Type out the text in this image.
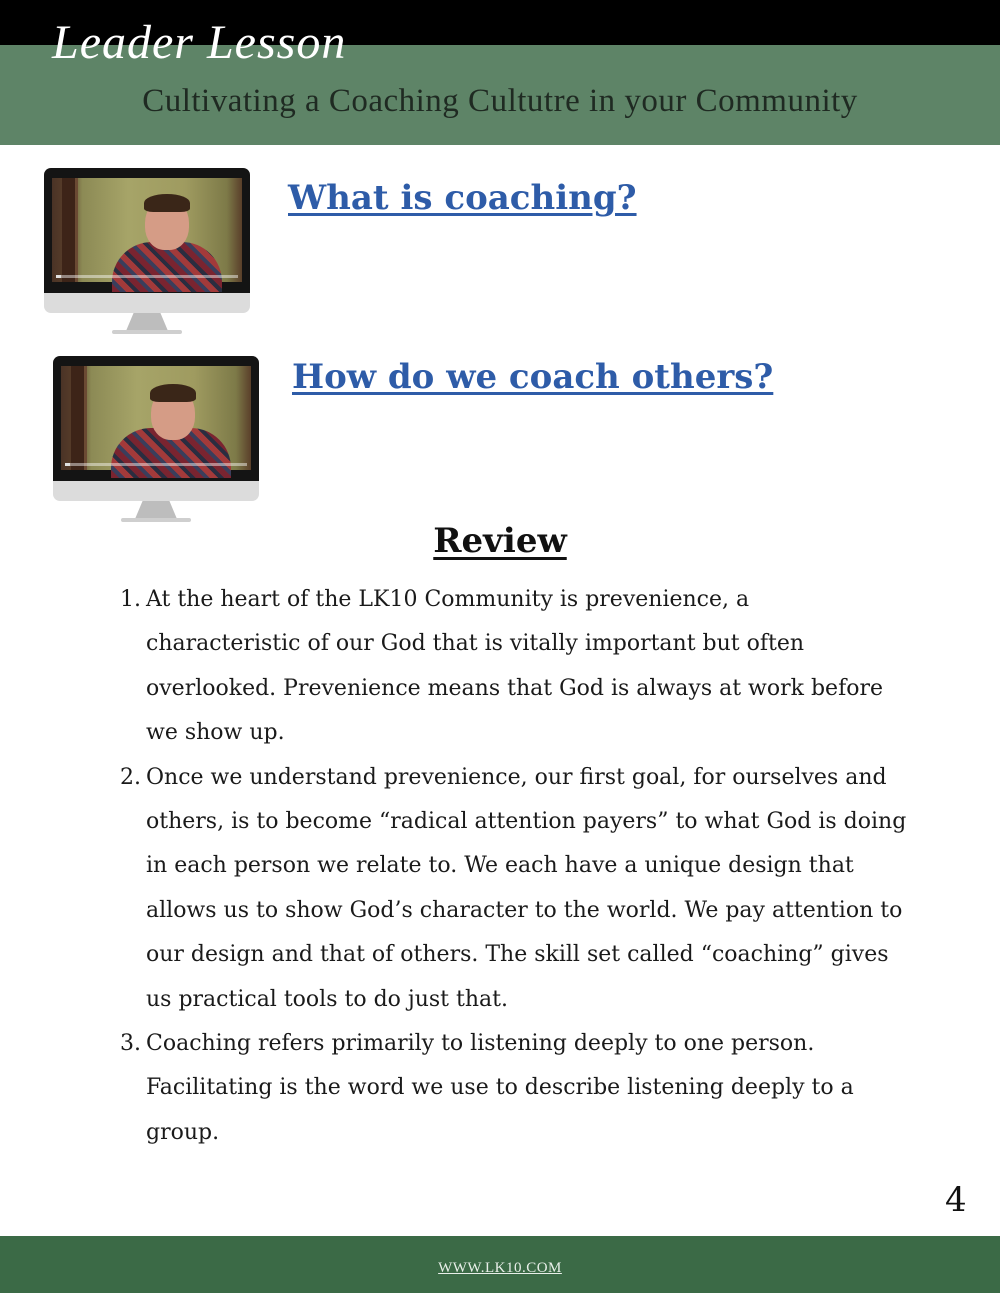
Leader Lesson
Cultivating a Coaching Cultutre in your Community
What is coaching?
How do we coach others?
Review
1. At the heart of the LK10 Community is prevenience, a characteristic of our God that is vitally important but often overlooked. Prevenience means that God is always at work before we show up.
2. Once we understand prevenience, our first goal, for ourselves and others, is to become “radical attention payers” to what God is doing in each person we relate to. We each have a unique design that allows us to show God’s character to the world. We pay attention to our design and that of others. The skill set called “coaching” gives us practical tools to do just that.
3. Coaching refers primarily to listening deeply to one person. Facilitating is the word we use to describe listening deeply to a group.
4
WWW.LK10.COM
